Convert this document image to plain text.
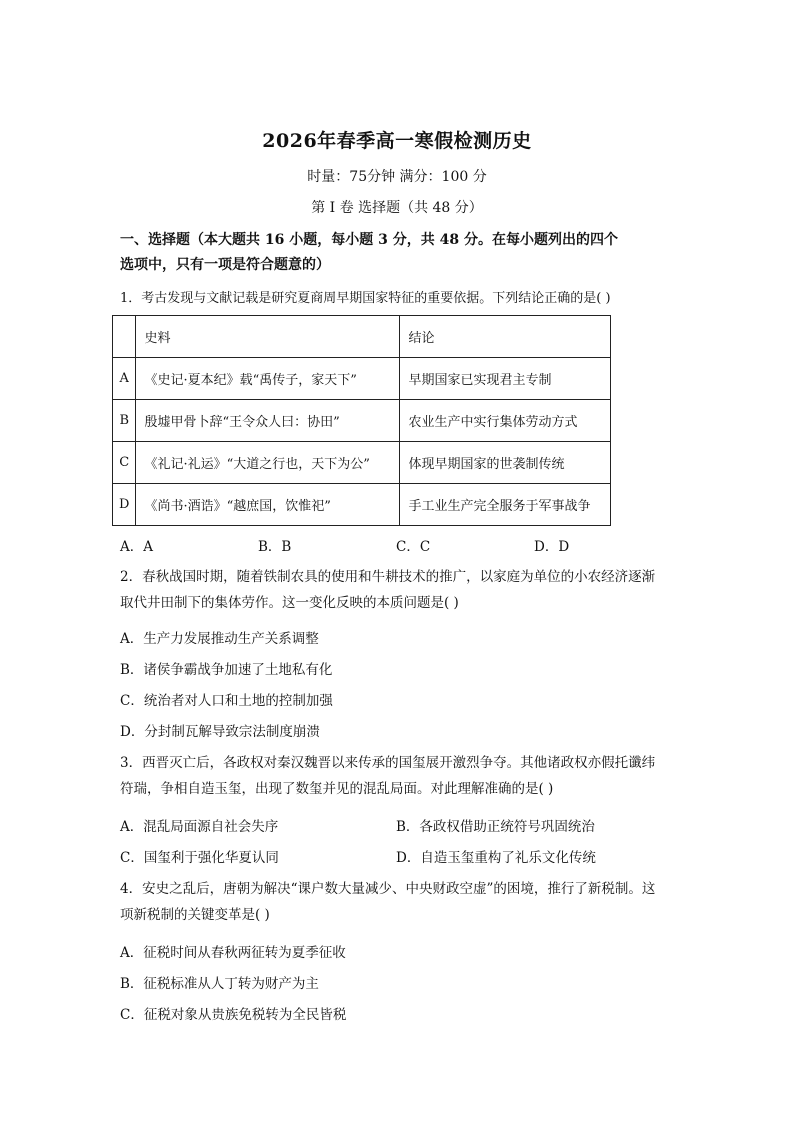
2026年春季高一寒假检测历史
时量：75分钟 满分：100 分
第 I 卷 选择题（共 48 分）
一、选择题（本大题共 16 小题，每小题 3 分，共 48 分。在每小题列出的四个
选项中，只有一项是符合题意的）
1．考古发现与文献记载是研究夏商周早期国家特征的重要依据。下列结论正确的是( )
	史料	结论
A	《史记·夏本纪》载“禹传子，家天下”	早期国家已实现君主专制
B	殷墟甲骨卜辞“王令众人曰：协田”	农业生产中实行集体劳动方式
C	《礼记·礼运》“大道之行也，天下为公”	体现早期国家的世袭制传统
D	《尚书·酒诰》“越庶国，饮惟祀”	手工业生产完全服务于军事战争
A．A	B．B	C．C	D．D
2．春秋战国时期，随着铁制农具的使用和牛耕技术的推广，以家庭为单位的小农经济逐渐
取代井田制下的集体劳作。这一变化反映的本质问题是( )
A．生产力发展推动生产关系调整
B．诸侯争霸战争加速了土地私有化
C．统治者对人口和土地的控制加强
D．分封制瓦解导致宗法制度崩溃
3．西晋灭亡后，各政权对秦汉魏晋以来传承的国玺展开激烈争夺。其他诸政权亦假托谶纬
符瑞，争相自造玉玺，出现了数玺并见的混乱局面。对此理解准确的是( )
A．混乱局面源自社会失序	B．各政权借助正统符号巩固统治
C．国玺利于强化华夏认同	D．自造玉玺重构了礼乐文化传统
4．安史之乱后，唐朝为解决“课户数大量减少、中央财政空虚”的困境，推行了新税制。这
项新税制的关键变革是( )
A．征税时间从春秋两征转为夏季征收
B．征税标准从人丁转为财产为主
C．征税对象从贵族免税转为全民皆税
